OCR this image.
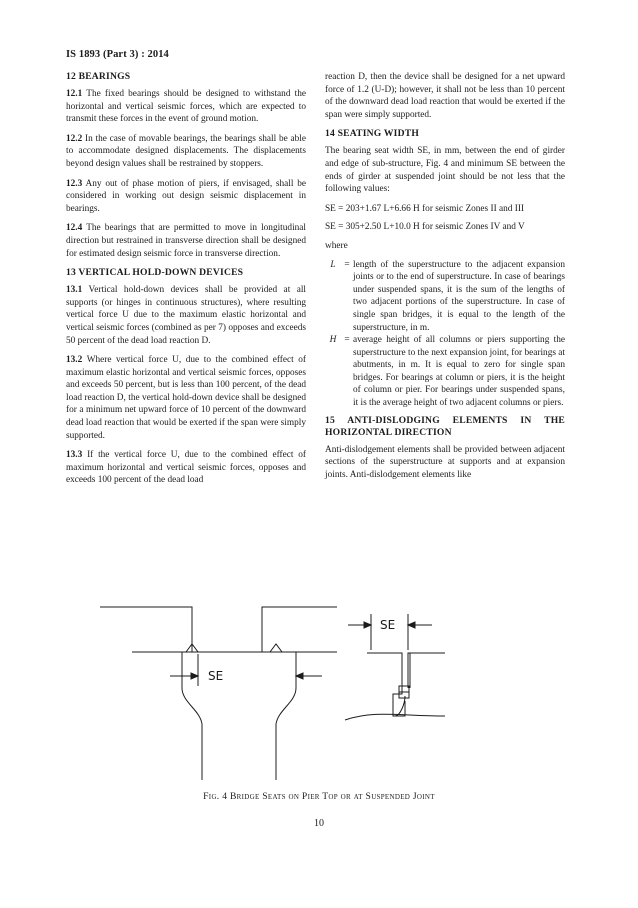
IS 1893 (Part 3) : 2014
12 BEARINGS

12.1 The fixed bearings should be designed to withstand the horizontal and vertical seismic forces, which are expected to transmit these forces in the event of ground motion.

12.2 In the case of movable bearings, the bearings shall be able to accommodate designed displacements. The displacements beyond design values shall be restrained by stoppers.

12.3 Any out of phase motion of piers, if envisaged, shall be considered in working out design seismic displacement in bearings.

12.4 The bearings that are permitted to move in longitudinal direction but restrained in transverse direction shall be designed for estimated design seismic force in transverse direction.

13 VERTICAL HOLD-DOWN DEVICES

13.1 Vertical hold-down devices shall be provided at all supports (or hinges in continuous structures), where resulting vertical force U due to the maximum elastic horizontal and vertical seismic forces (combined as per 7) opposes and exceeds 50 percent of the dead load reaction D.

13.2 Where vertical force U, due to the combined effect of maximum elastic horizontal and vertical seismic forces, opposes and exceeds 50 percent, but is less than 100 percent, of the dead load reaction D, the vertical hold-down device shall be designed for a minimum net upward force of 10 percent of the downward dead load reaction that would be exerted if the span were simply supported.

13.3 If the vertical force U, due to the combined effect of maximum horizontal and vertical seismic forces, opposes and exceeds 100 percent of the dead load

reaction D, then the device shall be designed for a net upward force of 1.2 (U-D); however, it shall not be less than 10 percent of the downward dead load reaction that would be exerted if the span were simply supported.

14 SEATING WIDTH

The bearing seat width SE, in mm, between the end of girder and edge of sub-structure, Fig. 4 and minimum SE between the ends of girder at suspended joint should be not less that the following values:

SE = 203+1.67 L+6.66 H for seismic Zones II and III
SE = 305+2.50 L+10.0 H for seismic Zones IV and V
where
L	=	length of the superstructure to the adjacent expansion joints or to the end of superstructure. In case of bearings under suspended spans, it is the sum of the lengths of two adjacent portions of the superstructure. In case of single span bridges, it is equal to the length of the superstructure, in m.
H	=	average height of all columns or piers supporting the superstructure to the next expansion joint, for bearings at abutments, in m. It is equal to zero for single span bridges. For bearings at column or piers, it is the height of column or pier. For bearings under suspended spans, it is the average height of two adjacent columns or piers.
15 ANTI-DISLODGING ELEMENTS IN THE HORIZONTAL DIRECTION

Anti-dislodgement elements shall be provided between adjacent sections of the superstructure at supports and at expansion joints. Anti-dislodgement elements like

SE
SE
Fig. 4 Bridge Seats on Pier Top or at Suspended Joint
10
